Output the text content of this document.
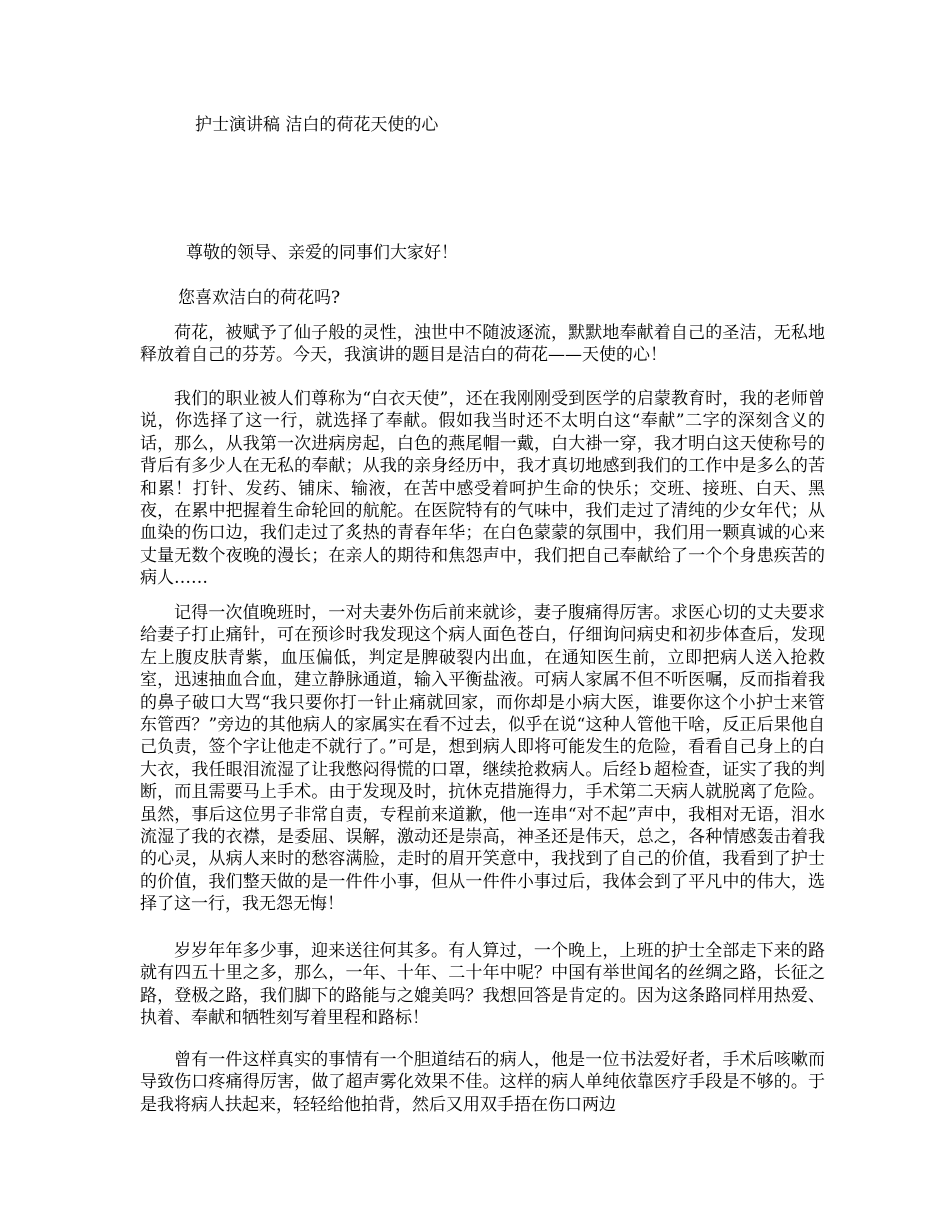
护士演讲稿 洁白的荷花天使的心
尊敬的领导、亲爱的同事们大家好！
您喜欢洁白的荷花吗?

荷花，被赋予了仙子般的灵性，浊世中不随波逐流，默默地奉献着自己的圣洁，无私地释放着自己的芬芳。今天，我演讲的题目是洁白的荷花——天使的心！

我们的职业被人们尊称为“白衣天使”，还在我刚刚受到医学的启蒙教育时，我的老师曾说，你选择了这一行，就选择了奉献。假如我当时还不太明白这“奉献”二字的深刻含义的话，那么，从我第一次进病房起，白色的燕尾帽一戴，白大褂一穿，我才明白这天使称号的背后有多少人在无私的奉献；从我的亲身经历中，我才真切地感到我们的工作中是多么的苦和累！打针、发药、铺床、输液，在苦中感受着呵护生命的快乐；交班、接班、白天、黑夜，在累中把握着生命轮回的航舵。在医院特有的气味中，我们走过了清纯的少女年代；从血染的伤口边，我们走过了炙热的青春年华；在白色蒙蒙的氛围中，我们用一颗真诚的心来丈量无数个夜晚的漫长；在亲人的期待和焦怨声中，我们把自己奉献给了一个个身患疾苦的病人……

记得一次值晚班时，一对夫妻外伤后前来就诊，妻子腹痛得厉害。求医心切的丈夫要求给妻子打止痛针，可在预诊时我发现这个病人面色苍白，仔细询问病史和初步体查后，发现左上腹皮肤青紫，血压偏低，判定是脾破裂内出血，在通知医生前，立即把病人送入抢救室，迅速抽血合血，建立静脉通道，输入平衡盐液。可病人家属不但不听医嘱，反而指着我的鼻子破口大骂“我只要你打一针止痛就回家，而你却是小病大医，谁要你这个小护士来管东管西？”旁边的其他病人的家属实在看不过去，似乎在说“这种人管他干啥，反正后果他自己负责，签个字让他走不就行了。”可是，想到病人即将可能发生的危险，看看自己身上的白大衣，我任眼泪流湿了让我憋闷得慌的口罩，继续抢救病人。后经ｂ超检查，证实了我的判断，而且需要马上手术。由于发现及时，抗休克措施得力，手术第二天病人就脱离了危险。虽然，事后这位男子非常自责，专程前来道歉，他一连串“对不起”声中，我相对无语，泪水流湿了我的衣襟，是委屈、误解，激动还是崇高，神圣还是伟天，总之，各种情感轰击着我的心灵，从病人来时的愁容满脸，走时的眉开笑意中，我找到了自己的价值，我看到了护士的价值，我们整天做的是一件件小事，但从一件件小事过后，我体会到了平凡中的伟大，选择了这一行，我无怨无悔！

岁岁年年多少事，迎来送往何其多。有人算过，一个晚上，上班的护士全部走下来的路就有四五十里之多，那么，一年、十年、二十年中呢？中国有举世闻名的丝绸之路，长征之路，登极之路，我们脚下的路能与之媲美吗？我想回答是肯定的。因为这条路同样用热爱、执着、奉献和牺牲刻写着里程和路标！

曾有一件这样真实的事情有一个胆道结石的病人，他是一位书法爱好者，手术后咳嗽而导致伤口疼痛得厉害，做了超声雾化效果不佳。这样的病人单纯依靠医疗手段是不够的。于是我将病人扶起来，轻轻给他拍背，然后又用双手捂在伤口两边
